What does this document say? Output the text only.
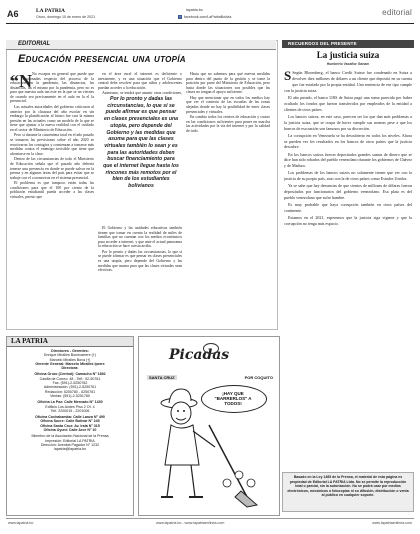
A6	LA PATRIA
Oruro, domingo 10 de enero de 2021
lapatria.bo
f facebook.com/LaPatriaBolivia	editorial
EDITORIAL
Educación presencial una utopía
“N No escapas en general que puede que haya cuestionadas respecto del proceso de la educación en la pandemia, las distancias, las distancias, las el mismo por la pandemia, pero no es para que nuestra aula tan este en la que se un viernes de cuando sea precisamente en el aula en la el la presencial.

Las actuales autoridades del gobierno criticaron al anterior por la clausura del año escolar en sin embargo la planificación al futuro fue casi la misma presión en las actuales como un modelo de la que se tiene que ajustar a la nueva realidad con el cuidado en el sector de Ministerio de Educación.

Pero si durante la cuarentena total en el año pasado se tomaron las previsiones sobre el año 2020 se reactivaron los contagios y comienzan a tomarse más medidas contra el enemigo invisible que tiene que afrontarse en la clase.

Dentro de las circunstancias de todo el Ministerio de Educación señala que el pasado año debería tenerse una presencia en donde se puede salvar en la prensa y en algunas áreas del país para evitar que se trabaje con el coronavirus en el sistema presencial.

El problema es que tampoco están todas las condiciones para que el 100 por ciento de la población estudiantil pueda acceder a las clases virtuales, puesto que

en el área rural el internet es deficiente o inexistente, y es una situación que el Gobierno central debe resolver para que niños y adolescentes puedan acceder a la educación.

Asimismo, se tendrá que asumir otras condiciones,

Por lo pronto y dadas las circunstancias, lo que sí se puede afirmar es que pensar en clases presenciales es una utopía, pero depende del Gobierno y las medidas que asuma para que las clases virtuales también lo sean y es para las autoridades deben buscar financiamiento para que el internet llegue hasta los rincones más remotos por el bien de los estudiantes bolivianos

El Gobierno y las unidades educativas también tienen que tomar en cuenta la realidad de miles de familias que no cuentan con los medios económicos para acceder a internet, y que ante el actual panorama la educación se hace cuesta arriba.

Por lo pronto y dadas las circunstancias, lo que sí se puede afirmar es que pensar en clases presenciales es una utopía, pero depende del Gobierno y las medidas que asuma para que las clases virtuales sean efectivas.

Hasta que no sabemos para qué nuevas medidas para dentro del punto de la gestión y se tome la posición por parte del Ministerio de Educación, pero hasta donde las situaciones son posibles que las clases no tengan el apoyo suficiente.

Hay que mencionar que en todos los medios hay que ver el contexto de las escuelas de las zonas alejadas donde no hay la posibilidad de tener clases presenciales y virtuales.

En cambio todos los centros de educación y cuatro en las condiciones suficientes para poner en marcha las actividades por la vía del internet y por la calidad de todo.

LA PATRIA
Directores - Gerentes:
Enrique Miralles Bonecarrere (†)
Marcelo Miralles Bova (†)
Gerente General: Marcelo Miralles Iporre
Directora:
Oficina Oruro (Central): Camacho N° 1892
Casilla de Correo: 48 - Telf.: 52-50761
Fax: (591)-2-5250782
Administración: (591)-2-5250761
Redacción: 5250780 - 5250781
Ventas: (591)-2-5251780
Oficina La Paz: Calle Mercado N° 1430
Edificio Los Andes Piso 2 Of. 4
Telf. 2200015 - 2201006
Oficina Cochabamba: Calle Lanza N° 490
Oficina Sucre: Calle Bolívar N° 245
Oficina Santa Cruz: Av. Irala N° 315
Oficina Uyuni: Calle Arce N° 10
Miembro de la Asociación Nacional de la Prensa
Impresión: Editorial LA PATRIA
Dirección: Avenida Pagador N° 1232
lapatria@lapatria.bo
Picadas
POR COQUITO
SANTA CRUZ
¡HAY QUE "BARRERLOS" A TODOS!
RECUERDOS DEL PRESENTE
La justicia suiza
Humberto Vacaflor Ganam
S Según Bloomberg, el banco Credit Suisse fue condenado en Suiza a devolver diez millones de dólares a un cliente que depositó en su cuenta que fue estafado por la propia entidad. Una sentencia de ese tipo cumple con la justicia suiza.

El año pasado, el banco UBS de Suiza pagó una suma parecida por haber ocultado los fondos que fueron transferidos por empleados de la entidad a clientes de otros países.

Los bancos suizos, en este caso, parecen ser los que dan más problemas a la justicia suiza, que se ocupa de hacer cumplir sus normas pese a que los bancos de esa nación son famosos por su discreción.

La corrupción en Venezuela se ha descubierto en todos los niveles. Ahora se pueden ver los resultados en los bancos de otros países que la justicia descubre.

En los bancos suizos fueron depositados grandes sumas de dinero que se dice han sido robados del pueblo venezolano durante los gobiernos de Chávez y de Maduro.

Los problemas de los bancos suizos no solamente tienen que ver con la justicia de su propio país, sino con la de otros países como Estados Unidos.

Ya se sabe que hay denuncias de que cientos de millones de dólares fueron depositados por funcionarios del gobierno venezolano. Esa plata es del pueblo venezolano que sufre hambre.

Es muy probable que haya corrupción también en otros países del continente.

Estamos en el 2021, esperemos que la justicia siga vigente y que la corrupción no tenga más espacio.

Basado en la Ley 1485 de la Prensa, el material de esta página es propiedad de Editorial LA PATRIA Ltda. No se permite la reproducción total o parcial, sin la autorización. No se podrá usar por medios electrónicos, mecánicos o fotocopias ni su difusión, distribución o venta al público en cualquier soporte.
www.lapatria.bo	www.lapatria.bo - www.lapatriaenlinea.com	www.lapatriaenlinea.com
